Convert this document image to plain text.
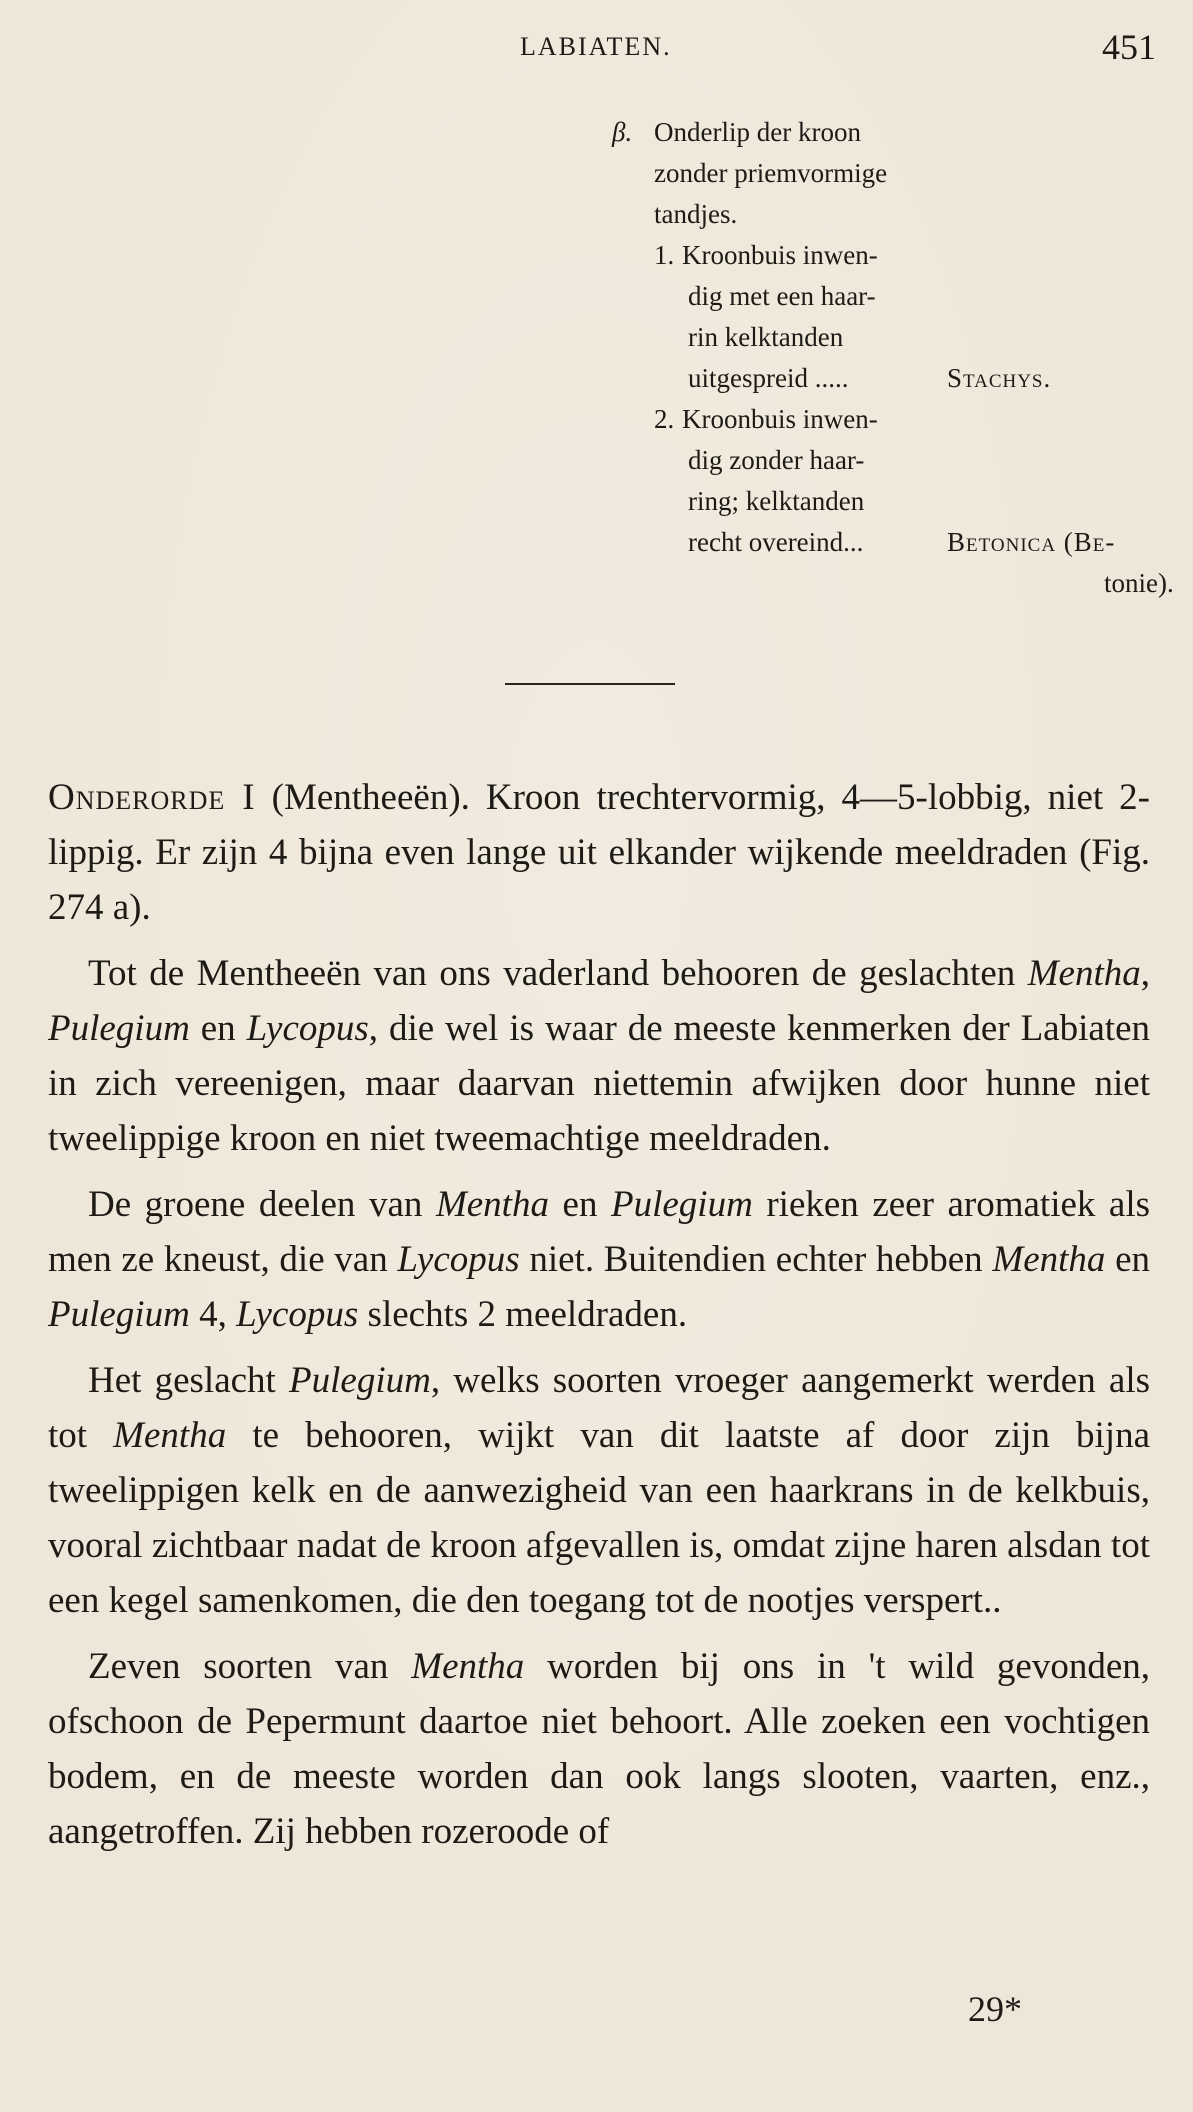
LABIATEN.	451
β. Onderlip der kroon
zonder priemvormige
tandjes.
1. Kroonbuis inwen-
dig met een haar-
rin kelktanden
uitgespreid .....	Stachys.
2. Kroonbuis inwen-
dig zonder haar-
ring; kelktanden
recht overeind...	Betonica (Be-
tonie).

Onderorde I (Mentheeën). Kroon trechtervormig, 4—5-lobbig, niet 2-lippig. Er zijn 4 bijna even lange uit elkander wijkende meeldraden (Fig. 274 a).

Tot de Mentheeën van ons vaderland behooren de geslachten Mentha, Pulegium en Lycopus, die wel is waar de meeste kenmerken der Labiaten in zich vereenigen, maar daarvan niettemin afwijken door hunne niet tweelippige kroon en niet tweemachtige meeldraden.

De groene deelen van Mentha en Pulegium rieken zeer aromatiek als men ze kneust, die van Lycopus niet. Buitendien echter hebben Mentha en Pulegium 4, Lycopus slechts 2 meeldraden.

Het geslacht Pulegium, welks soorten vroeger aangemerkt werden als tot Mentha te behooren, wijkt van dit laatste af door zijn bijna tweelippigen kelk en de aanwezigheid van een haarkrans in de kelkbuis, vooral zichtbaar nadat de kroon afgevallen is, omdat zijne haren alsdan tot een kegel samenkomen, die den toegang tot de nootjes verspert..

Zeven soorten van Mentha worden bij ons in 't wild gevonden, ofschoon de Pepermunt daartoe niet behoort. Alle zoeken een vochtigen bodem, en de meeste worden dan ook langs slooten, vaarten, enz., aangetroffen. Zij hebben rozeroode of

29*
